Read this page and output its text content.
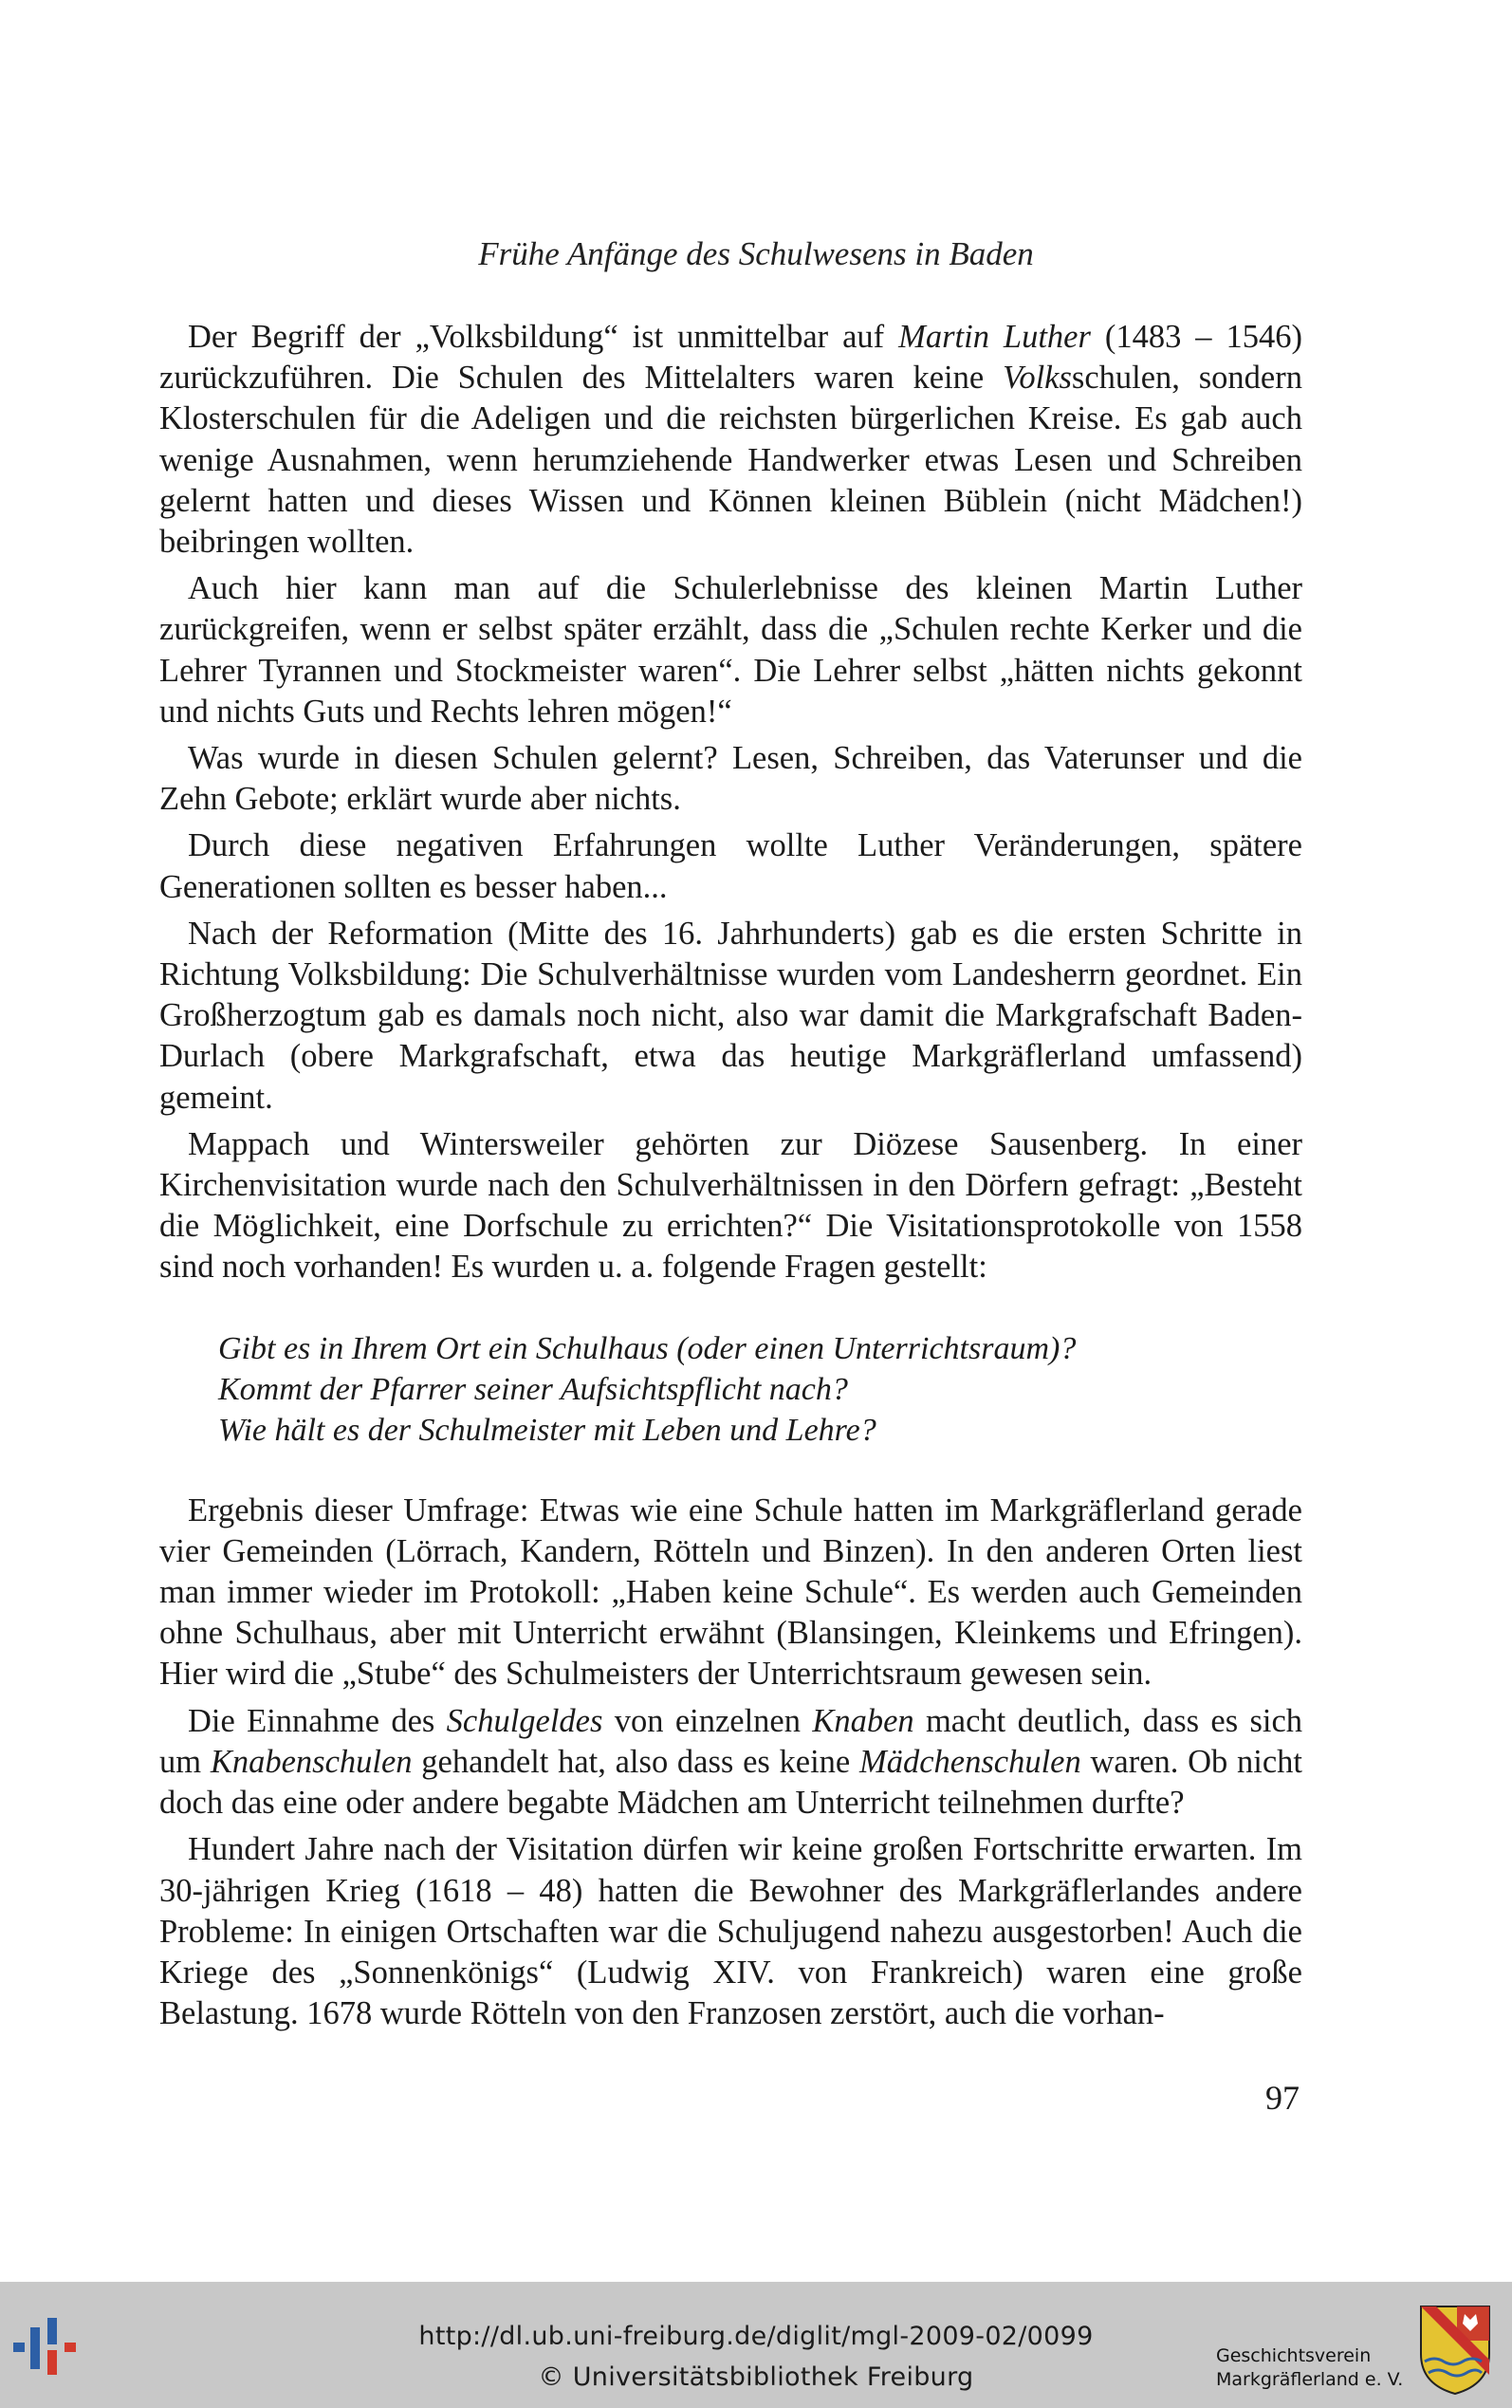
Frühe Anfänge des Schulwesens in Baden

Der Begriff der „Volksbildung“ ist unmittelbar auf Martin Luther (1483 – 1546) zurückzuführen. Die Schulen des Mittelalters waren keine Volksschulen, sondern Klosterschulen für die Adeligen und die reichsten bürgerlichen Kreise. Es gab auch wenige Ausnahmen, wenn herumziehende Handwerker etwas Lesen und Schreiben gelernt hatten und dieses Wissen und Können kleinen Büblein (nicht Mädchen!) beibringen wollten.

Auch hier kann man auf die Schulerlebnisse des kleinen Martin Luther zurückgreifen, wenn er selbst später erzählt, dass die „Schulen rechte Kerker und die Lehrer Tyrannen und Stockmeister waren“. Die Lehrer selbst „hätten nichts gekonnt und nichts Guts und Rechts lehren mögen!“

Was wurde in diesen Schulen gelernt? Lesen, Schreiben, das Vaterunser und die Zehn Gebote; erklärt wurde aber nichts.

Durch diese negativen Erfahrungen wollte Luther Veränderungen, spätere Generationen sollten es besser haben...

Nach der Reformation (Mitte des 16. Jahrhunderts) gab es die ersten Schritte in Richtung Volksbildung: Die Schulverhältnisse wurden vom Landesherrn geordnet. Ein Großherzogtum gab es damals noch nicht, also war damit die Markgrafschaft Baden-Durlach (obere Markgrafschaft, etwa das heutige Markgräflerland umfassend) gemeint.

Mappach und Wintersweiler gehörten zur Diözese Sausenberg. In einer Kirchenvisitation wurde nach den Schulverhältnissen in den Dörfern gefragt: „Besteht die Möglichkeit, eine Dorfschule zu errichten?“ Die Visitationsprotokolle von 1558 sind noch vorhanden! Es wurden u. a. folgende Fragen gestellt:

Gibt es in Ihrem Ort ein Schulhaus (oder einen Unterrichtsraum)?
Kommt der Pfarrer seiner Aufsichtspflicht nach?
Wie hält es der Schulmeister mit Leben und Lehre?

Ergebnis dieser Umfrage: Etwas wie eine Schule hatten im Markgräflerland gerade vier Gemeinden (Lörrach, Kandern, Rötteln und Binzen). In den anderen Orten liest man immer wieder im Protokoll: „Haben keine Schule“. Es werden auch Gemeinden ohne Schulhaus, aber mit Unterricht erwähnt (Blansingen, Kleinkems und Efringen). Hier wird die „Stube“ des Schulmeisters der Unterrichtsraum gewesen sein.

Die Einnahme des Schulgeldes von einzelnen Knaben macht deutlich, dass es sich um Knabenschulen gehandelt hat, also dass es keine Mädchenschulen waren. Ob nicht doch das eine oder andere begabte Mädchen am Unterricht teilnehmen durfte?

Hundert Jahre nach der Visitation dürfen wir keine großen Fortschritte erwarten. Im 30-jährigen Krieg (1618 – 48) hatten die Bewohner des Markgräflerlandes andere Probleme: In einigen Ortschaften war die Schuljugend nahezu ausgestorben! Auch die Kriege des „Sonnenkönigs“ (Ludwig XIV. von Frankreich) waren eine große Belastung. 1678 wurde Rötteln von den Franzosen zerstört, auch die vorhan-

97
http://dl.ub.uni-freiburg.de/diglit/mgl-2009-02/0099
© Universitätsbibliothek Freiburg
Geschichtsverein
Markgräflerland e. V.
